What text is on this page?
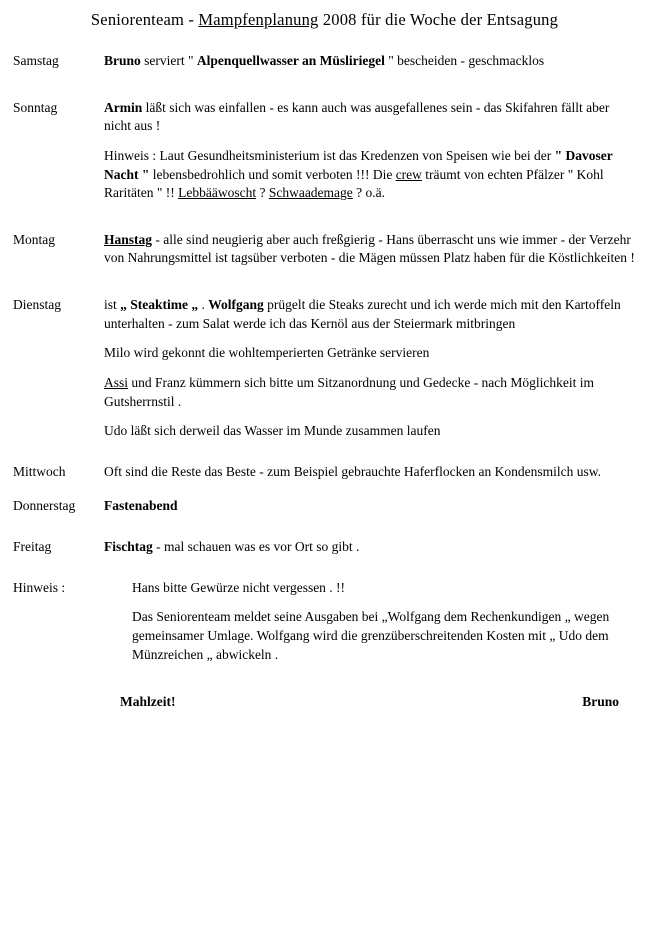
Seniorenteam - Mampfenplanung 2008 für die Woche der Entsagung
Samstag	Bruno serviert " Alpenquellwasser an Müsliriegel " bescheiden - geschmacklos

Sonntag	Armin läßt sich was einfallen - es kann auch was ausgefallenes sein - das Skifahren fällt aber nicht aus !

Hinweis : Laut Gesundheitsministerium ist das Kredenzen von Speisen wie bei der " Davoser Nacht " lebensbedrohlich und somit verboten !!! Die crew träumt von echten Pfälzer " Kohl Raritäten " !! Lebbääwoscht ? Schwaademage ? o.ä.

Montag	Hanstag - alle sind neugierig aber auch freßgierig - Hans überrascht uns wie immer - der Verzehr von Nahrungsmittel ist tagsüber verboten - die Mägen müssen Platz haben für die Köstlichkeiten !

Dienstag	ist „ Steaktime „ . Wolfgang prügelt die Steaks zurecht und ich werde mich mit den Kartoffeln unterhalten - zum Salat werde ich das Kernöl aus der Steiermark mitbringen

Milo wird gekonnt die wohltemperierten Getränke servieren

Assi und Franz kümmern sich bitte um Sitzanordnung und Gedecke - nach Möglichkeit im Gutsherrnstil .

Udo läßt sich derweil das Wasser im Munde zusammen laufen

Mittwoch	Oft sind die Reste das Beste - zum Beispiel gebrauchte Haferflocken an Kondensmilch usw.

Donnerstag	Fastenabend

Freitag	Fischtag - mal schauen was es vor Ort so gibt .

Hinweis :	Hans bitte Gewürze nicht vergessen . !!

Das Seniorenteam meldet seine Ausgaben bei „Wolfgang dem Rechenkundigen „ wegen gemeinsamer Umlage. Wolfgang wird die grenzüberschreitenden Kosten mit „ Udo dem Münzreichen „ abwickeln .

Mahlzeit!	Bruno
